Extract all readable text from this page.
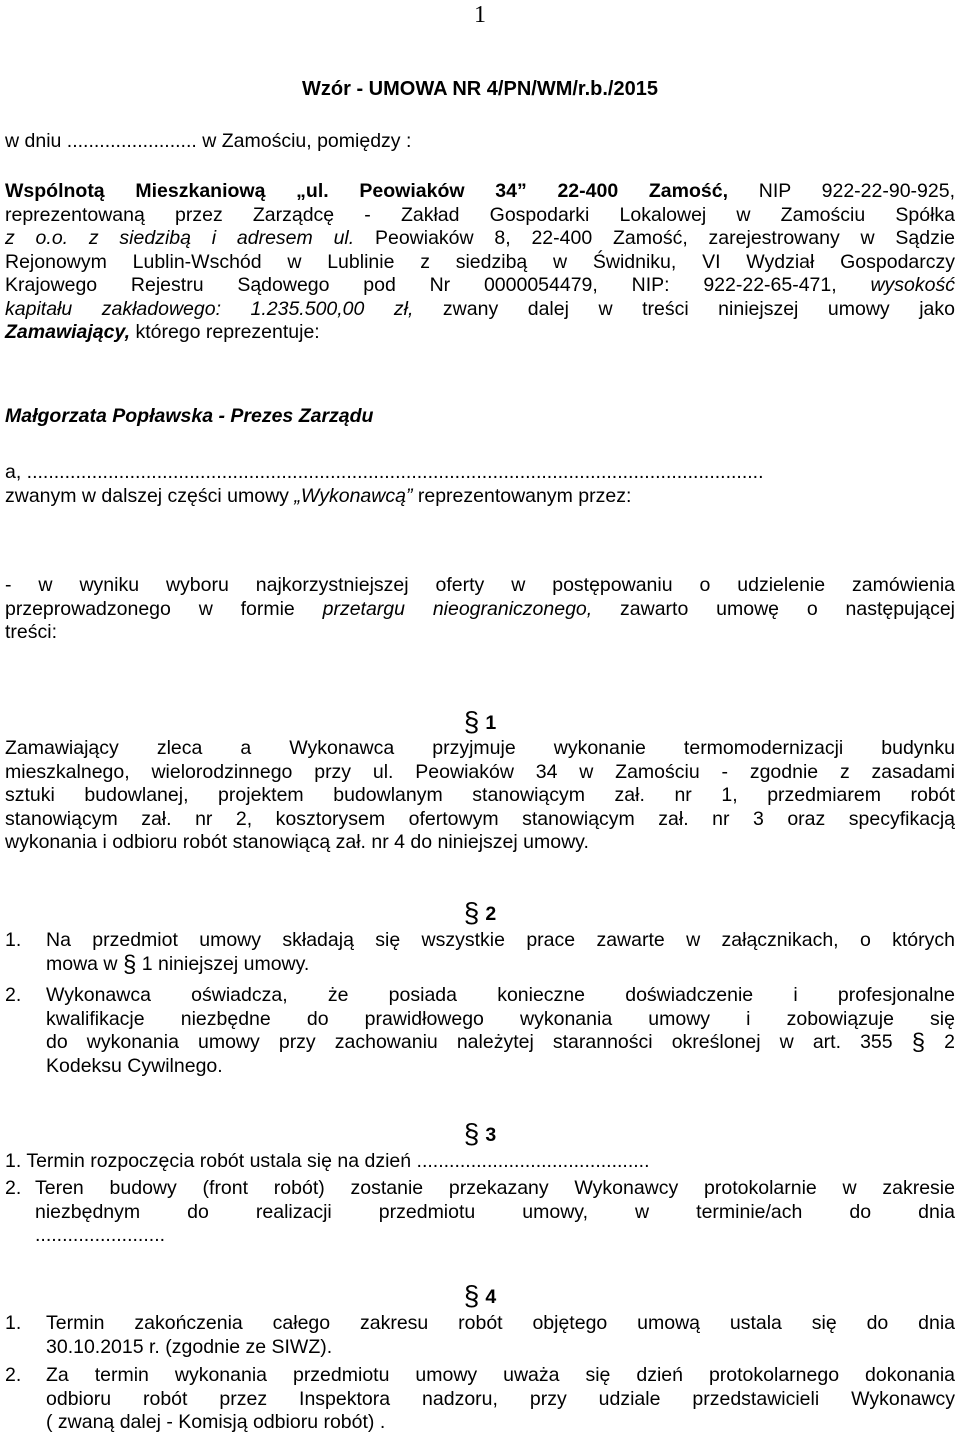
1
Wzór - UMOWA NR 4/PN/WM/r.b./2015
w dniu ........................ w Zamościu, pomiędzy :
Wspólnotą Mieszkaniową „ul. Peowiaków 34” 22-400 Zamość, NIP 922-22-90-925,
reprezentowaną przez Zarządcę - Zakład Gospodarki Lokalowej w Zamościu Spółka
z o.o. z siedzibą i adresem ul. Peowiaków 8, 22-400 Zamość, zarejestrowany w Sądzie
Rejonowym Lublin-Wschód w Lublinie z siedzibą w Świdniku, VI Wydział Gospodarczy
Krajowego Rejestru Sądowego pod Nr 0000054479, NIP: 922-22-65-471, wysokość
kapitału zakładowego: 1.235.500,00 zł, zwany dalej w treści niniejszej umowy jako
Zamawiający, którego reprezentuje:
Małgorzata Popławska - Prezes Zarządu
a, ........................................................................................................................................
zwanym w dalszej części umowy „Wykonawcą” reprezentowanym przez:
- w wyniku wyboru najkorzystniejszej oferty w postępowaniu o udzielenie zamówienia
przeprowadzonego w formie przetargu nieograniczonego, zawarto umowę o następującej
treści:
§ 1
Zamawiający zleca a Wykonawca przyjmuje wykonanie termomodernizacji budynku
mieszkalnego, wielorodzinnego przy ul. Peowiaków 34 w Zamościu - zgodnie z zasadami
sztuki budowlanej, projektem budowlanym stanowiącym zał. nr 1, przedmiarem robót
stanowiącym zał. nr 2, kosztorysem ofertowym stanowiącym zał. nr 3 oraz specyfikacją
wykonania i odbioru robót stanowiącą zał. nr 4 do niniejszej umowy.
§ 2
1. Na przedmiot umowy składają się wszystkie prace zawarte w załącznikach, o których
mowa w § 1 niniejszej umowy.
2. Wykonawca oświadcza, że posiada konieczne doświadczenie i profesjonalne
kwalifikacje niezbędne do prawidłowego wykonania umowy i zobowiązuje się
do wykonania umowy przy zachowaniu należytej staranności określonej w art. 355 § 2
Kodeksu Cywilnego.
§ 3
1. Termin rozpoczęcia robót ustala się na dzień ...........................................
2. Teren budowy (front robót) zostanie przekazany Wykonawcy protokolarnie w zakresie
niezbędnym do realizacji przedmiotu umowy, w terminie/ach do dnia
........................
§ 4
1. Termin zakończenia całego zakresu robót objętego umową ustala się do dnia
30.10.2015 r. (zgodnie ze SIWZ).
2. Za termin wykonania przedmiotu umowy uważa się dzień protokolarnego dokonania
odbioru robót przez Inspektora nadzoru, przy udziale przedstawicieli Wykonawcy
( zwaną dalej - Komisją odbioru robót) .
